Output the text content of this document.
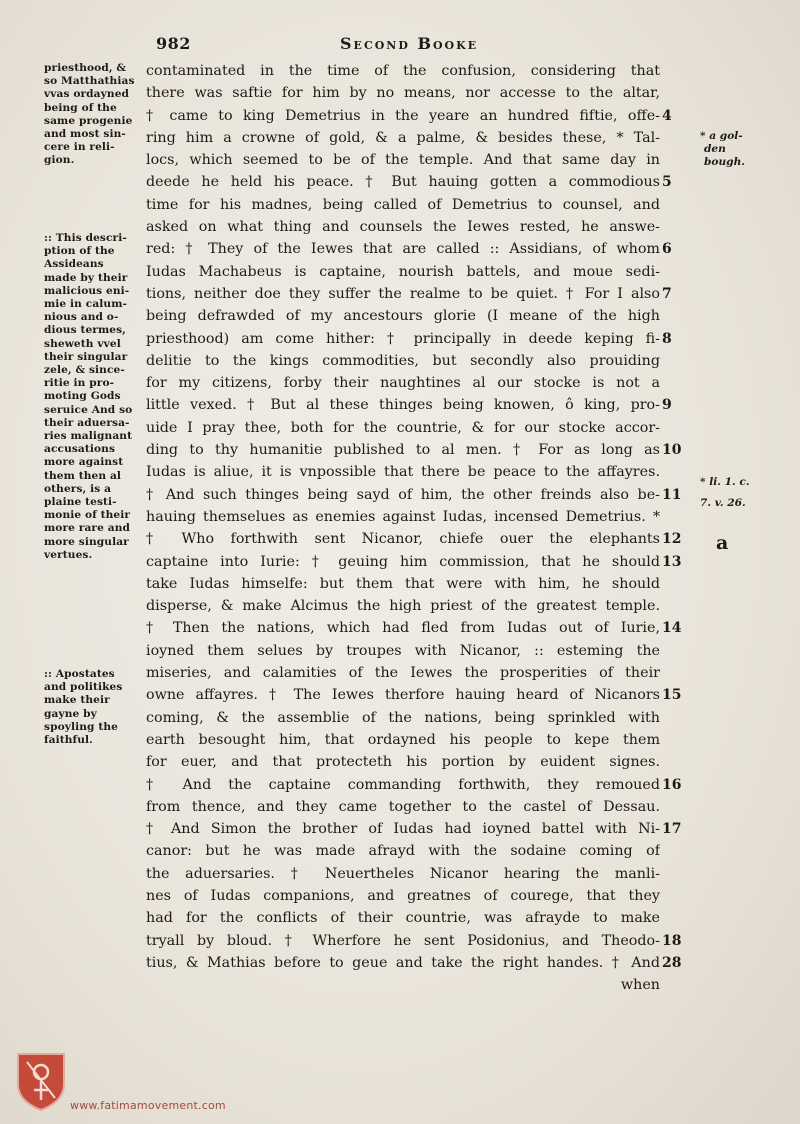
982	Second Booke
priesthood, &
so Matthathias
vvas ordayned
being of the
same progenie
and most sin-
cere in reli-
gion.
:: This descri-
ption of the
Assideans
made by their
malicious eni-
mie in calum-
nious and o-
dious termes,
sheweth vvel
their singular
zele, & since-
ritie in pro-
moting Gods
seruice And so
their aduersa-
ries malignant
accusations
more against
them then al
others, is a
plaine testi-
monie of their
more rare and
more singular
vertues.
:: Apostates
and politikes
make their
gayne by
spoyling the
faithful.
contaminated in the time of the confusion, considering that
there was saftie for him by no means, nor accesse to the altar,
† came to king Demetrius in the yeare an hundred fiftie, offe-
ring him a crowne of gold, & a palme, & besides these, * Tal-
locs, which seemed to be of the temple. And that same day in
deede he held his peace. † But hauing gotten a commodious
time for his madnes, being called of Demetrius to counsel, and
asked on what thing and counsels the Iewes rested, he answe-
red: † They of the Iewes that are called :: Assidians, of whom
Iudas Machabeus is captaine, nourish battels, and moue sedi-
tions, neither doe they suffer the realme to be quiet. † For I also
being defrawded of my ancestours glorie (I meane of the high
priesthood) am come hither: † principally in deede keping fi-
delitie to the kings commodities, but secondly also prouiding
for my citizens, forby their naughtines al our stocke is not a
little vexed. † But al these thinges being knowen, ô king, pro-
uide I pray thee, both for the countrie, & for our stocke accor-
ding to thy humanitie published to al men. † For as long as
Iudas is aliue, it is vnpossible that there be peace to the affayres.
† And such thinges being sayd of him, the other freinds also be-
hauing themselues as enemies against Iudas, incensed Demetrius. *
† Who forthwith sent Nicanor, chiefe ouer the elephants
captaine into Iurie: † geuing him commission, that he should
take Iudas himselfe: but them that were with him, he should
disperse, & make Alcimus the high priest of the greatest temple.
† Then the nations, which had fled from Iudas out of Iurie,
ioyned them selues by troupes with Nicanor, :: esteming the
miseries, and calamities of the Iewes the prosperities of their
owne affayres. † The Iewes therfore hauing heard of Nicanors
coming, & the assemblie of the nations, being sprinkled with
earth besought him, that ordayned his people to kepe them
for euer, and that protecteth his portion by euident signes.
† And the captaine commanding forthwith, they remoued
from thence, and they came together to the castel of Dessau.
† And Simon the brother of Iudas had ioyned battel with Ni-
canor: but he was made afrayd with the sodaine coming of
the aduersaries. † Neuertheles Nicanor hearing the manli-
nes of Iudas companions, and greatnes of courege, that they
had for the conflicts of their countrie, was afrayde to make
tryall by bloud. † Wherfore he sent Posidonius, and Theodo-
tius, & Mathias before to geue and take the right handes. † And
when
4
5
6
7
8
9
10
11
12
13
14
15
16
17
18
28
* a gol-
den
bough.
* li. 1. c.
7. v. 26.
a
www.fatimamovement.com
